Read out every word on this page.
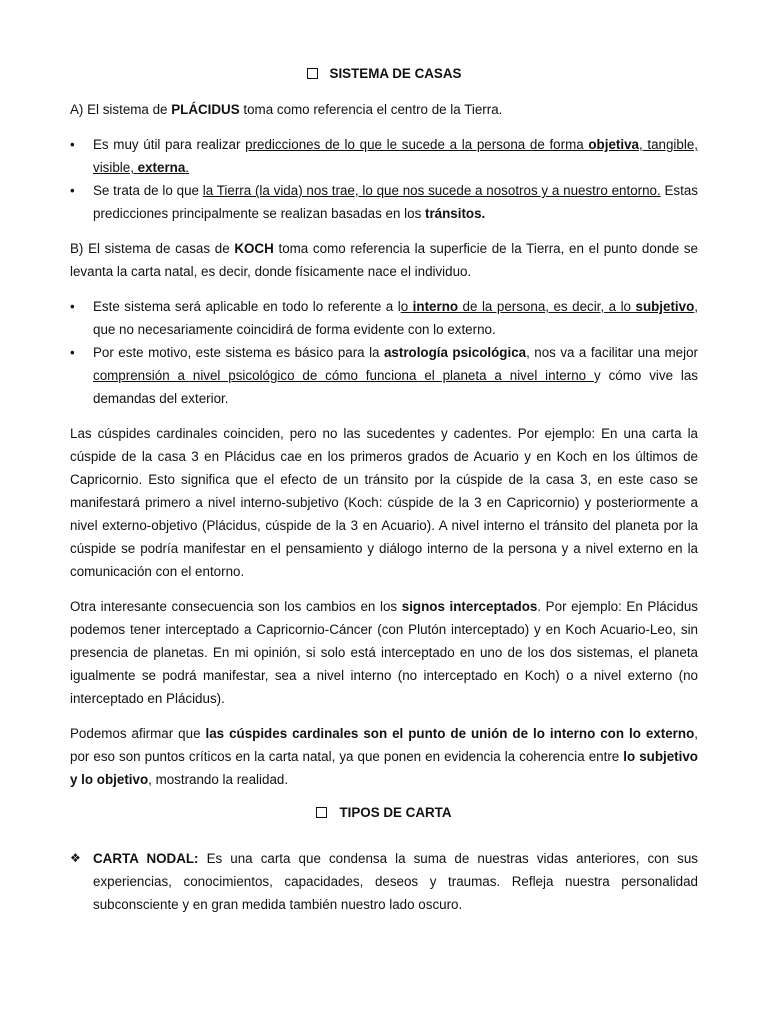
SISTEMA DE CASAS

A) El sistema de PLÁCIDUS toma como referencia el centro de la Tierra.

• Es muy útil para realizar predicciones de lo que le sucede a la persona de forma objetiva, tangible, visible, externa.
• Se trata de lo que la Tierra (la vida) nos trae, lo que nos sucede a nosotros y a nuestro entorno. Estas predicciones principalmente se realizan basadas en los tránsitos.

B) El sistema de casas de KOCH toma como referencia la superficie de la Tierra, en el punto donde se levanta la carta natal, es decir, donde físicamente nace el individuo.

• Este sistema será aplicable en todo lo referente a lo interno de la persona, es decir, a lo subjetivo, que no necesariamente coincidirá de forma evidente con lo externo.
• Por este motivo, este sistema es básico para la astrología psicológica, nos va a facilitar una mejor comprensión a nivel psicológico de cómo funciona el planeta a nivel interno y cómo vive las demandas del exterior.

Las cúspides cardinales coinciden, pero no las sucedentes y cadentes. Por ejemplo: En una carta la cúspide de la casa 3 en Plácidus cae en los primeros grados de Acuario y en Koch en los últimos de Capricornio. Esto significa que el efecto de un tránsito por la cúspide de la casa 3, en este caso se manifestará primero a nivel interno-subjetivo (Koch: cúspide de la 3 en Capricornio) y posteriormente a nivel externo-objetivo (Plácidus, cúspide de la 3 en Acuario). A nivel interno el tránsito del planeta por la cúspide se podría manifestar en el pensamiento y diálogo interno de la persona y a nivel externo en la comunicación con el entorno.

Otra interesante consecuencia son los cambios en los signos interceptados. Por ejemplo: En Plácidus podemos tener interceptado a Capricornio-Cáncer (con Plutón interceptado) y en Koch Acuario-Leo, sin presencia de planetas. En mi opinión, si solo está interceptado en uno de los dos sistemas, el planeta igualmente se podrá manifestar, sea a nivel interno (no interceptado en Koch) o a nivel externo (no interceptado en Plácidus).

Podemos afirmar que las cúspides cardinales son el punto de unión de lo interno con lo externo, por eso son puntos críticos en la carta natal, ya que ponen en evidencia la coherencia entre lo subjetivo y lo objetivo, mostrando la realidad.

TIPOS DE CARTA

❖ CARTA NODAL: Es una carta que condensa la suma de nuestras vidas anteriores, con sus experiencias, conocimientos, capacidades, deseos y traumas. Refleja nuestra personalidad subconsciente y en gran medida también nuestro lado oscuro.
